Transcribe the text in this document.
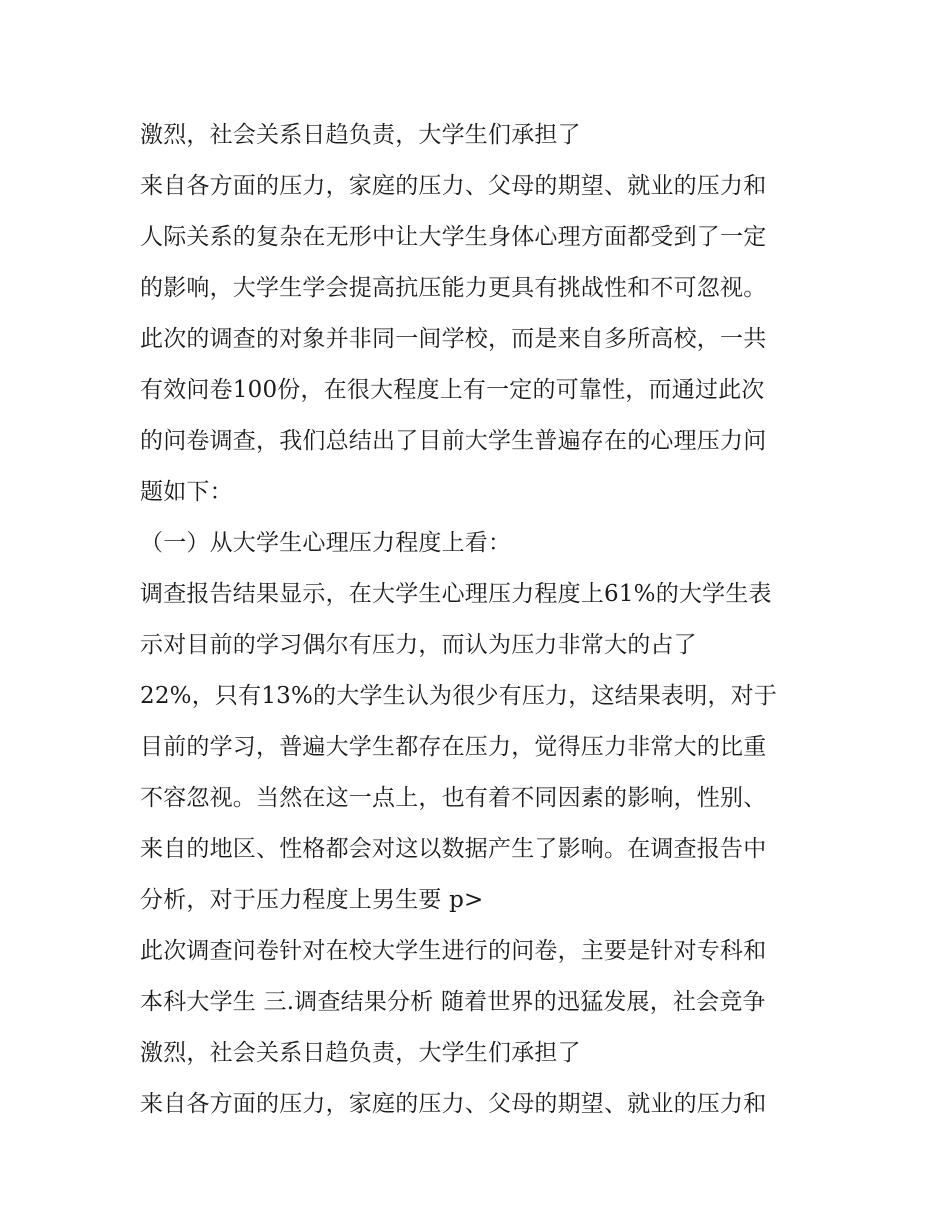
激烈，社会关系日趋负责，大学生们承担了
来自各方面的压力，家庭的压力、父母的期望、就业的压力和
人际关系的复杂在无形中让大学生身体心理方面都受到了一定
的影响，大学生学会提高抗压能力更具有挑战性和不可忽视。
此次的调查的对象并非同一间学校，而是来自多所高校，一共
有效问卷100份，在很大程度上有一定的可靠性，而通过此次
的问卷调查，我们总结出了目前大学生普遍存在的心理压力问
题如下：
（一）从大学生心理压力程度上看：
调查报告结果显示，在大学生心理压力程度上61%的大学生表
示对目前的学习偶尔有压力，而认为压力非常大的占了
22%，只有13%的大学生认为很少有压力，这结果表明，对于
目前的学习，普遍大学生都存在压力，觉得压力非常大的比重
不容忽视。当然在这一点上，也有着不同因素的影响，性别、
来自的地区、性格都会对这以数据产生了影响。在调查报告中
分析，对于压力程度上男生要 p>
此次调查问卷针对在校大学生进行的问卷，主要是针对专科和
本科大学生 三.调查结果分析 随着世界的迅猛发展，社会竞争
激烈，社会关系日趋负责，大学生们承担了
来自各方面的压力，家庭的压力、父母的期望、就业的压力和
